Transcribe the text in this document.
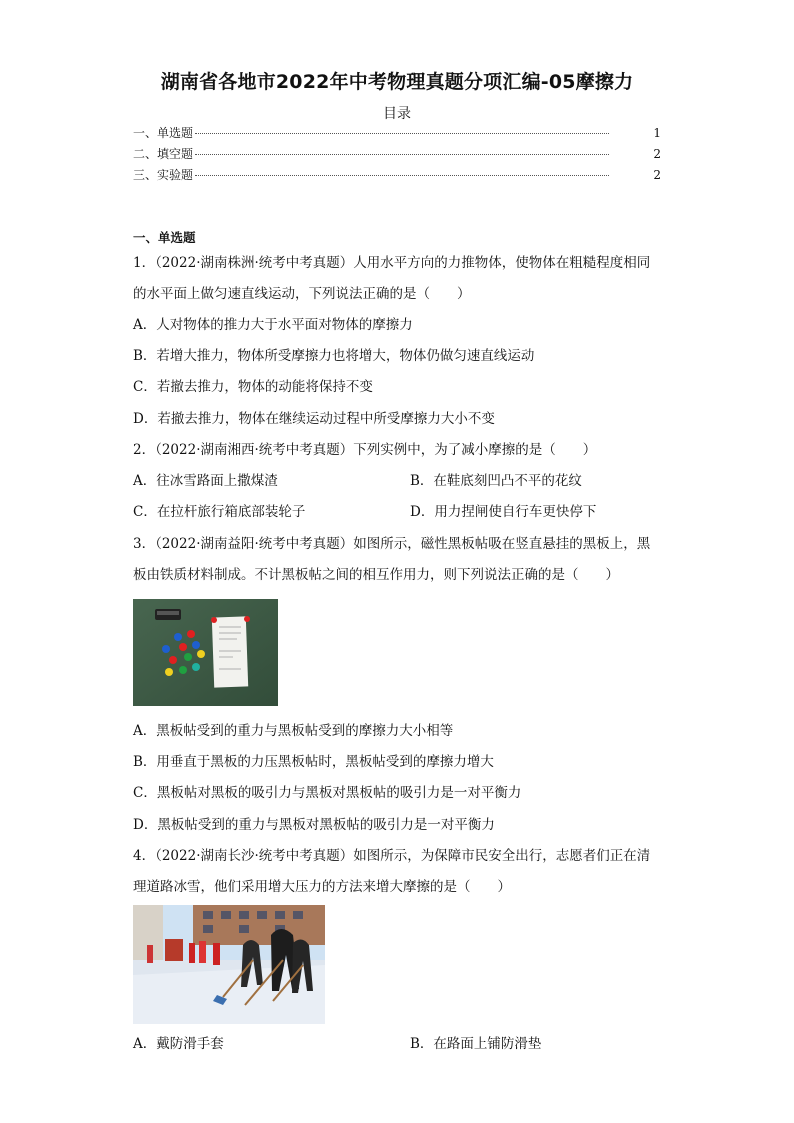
湖南省各地市2022年中考物理真题分项汇编-05摩擦力
目录
一、单选题	1
二、填空题	2
三、实验题	2
一、单选题
1．（2022·湖南株洲·统考中考真题）人用水平方向的力推物体，使物体在粗糙程度相同
的水平面上做匀速直线运动，下列说法正确的是（　　）
A．人对物体的推力大于水平面对物体的摩擦力
B．若增大推力，物体所受摩擦力也将增大，物体仍做匀速直线运动
C．若撤去推力，物体的动能将保持不变
D．若撤去推力，物体在继续运动过程中所受摩擦力大小不变
2．（2022·湖南湘西·统考中考真题）下列实例中，为了减小摩擦的是（　　）
A．往冰雪路面上撒煤渣	B．在鞋底刻凹凸不平的花纹
C．在拉杆旅行箱底部装轮子	D．用力捏闸使自行车更快停下
3．（2022·湖南益阳·统考中考真题）如图所示，磁性黑板帖吸在竖直悬挂的黑板上，黑
板由铁质材料制成。不计黑板帖之间的相互作用力，则下列说法正确的是（　　）
A．黑板帖受到的重力与黑板帖受到的摩擦力大小相等
B．用垂直于黑板的力压黑板帖时，黑板帖受到的摩擦力增大
C．黑板帖对黑板的吸引力与黑板对黑板帖的吸引力是一对平衡力
D．黑板帖受到的重力与黑板对黑板帖的吸引力是一对平衡力
4．（2022·湖南长沙·统考中考真题）如图所示，为保障市民安全出行，志愿者们正在清
理道路冰雪，他们采用增大压力的方法来增大摩擦的是（　　）
A．戴防滑手套	B．在路面上铺防滑垫
